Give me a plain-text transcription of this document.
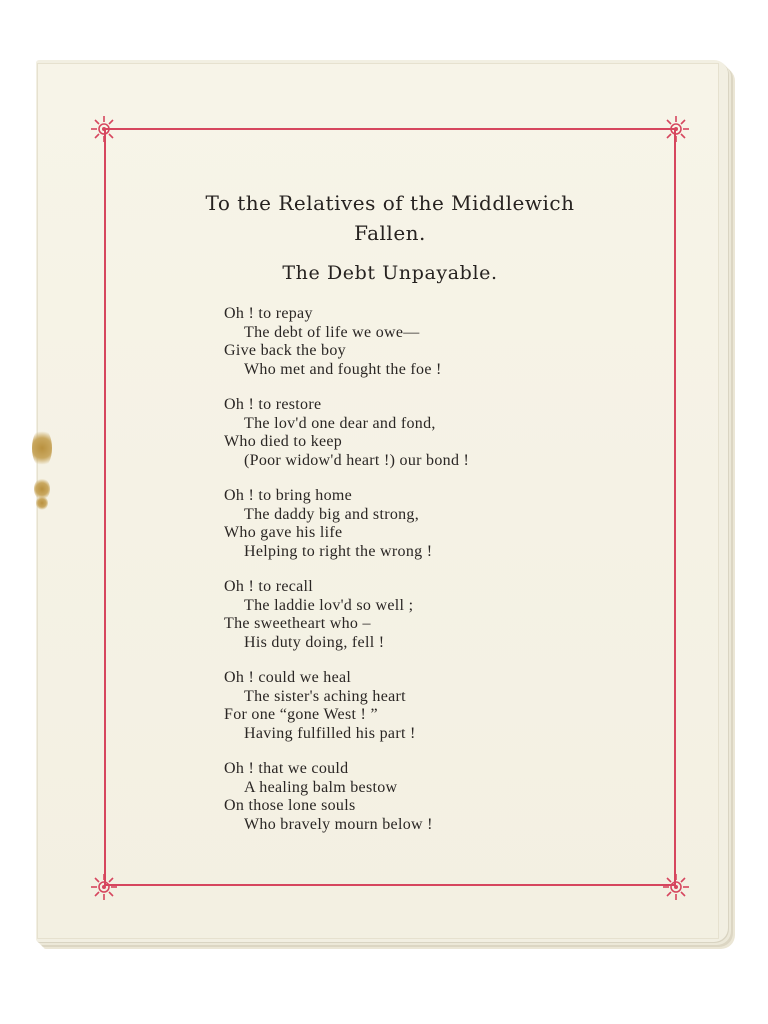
To the Relatives of the Middlewich
Fallen.
The Debt Unpayable.
Oh ! to repay
The debt of life we owe—
Give back the boy
Who met and fought the foe !
Oh ! to restore
The lov'd one dear and fond,
Who died to keep
(Poor widow'd heart !) our bond !
Oh ! to bring home
The daddy big and strong,
Who gave his life
Helping to right the wrong !
Oh ! to recall
The laddie lov'd so well ;
The sweetheart who –
His duty doing, fell !
Oh ! could we heal
The sister's aching heart
For one “gone West ! ”
Having fulfilled his part !
Oh ! that we could
A healing balm bestow
On those lone souls
Who bravely mourn below !
